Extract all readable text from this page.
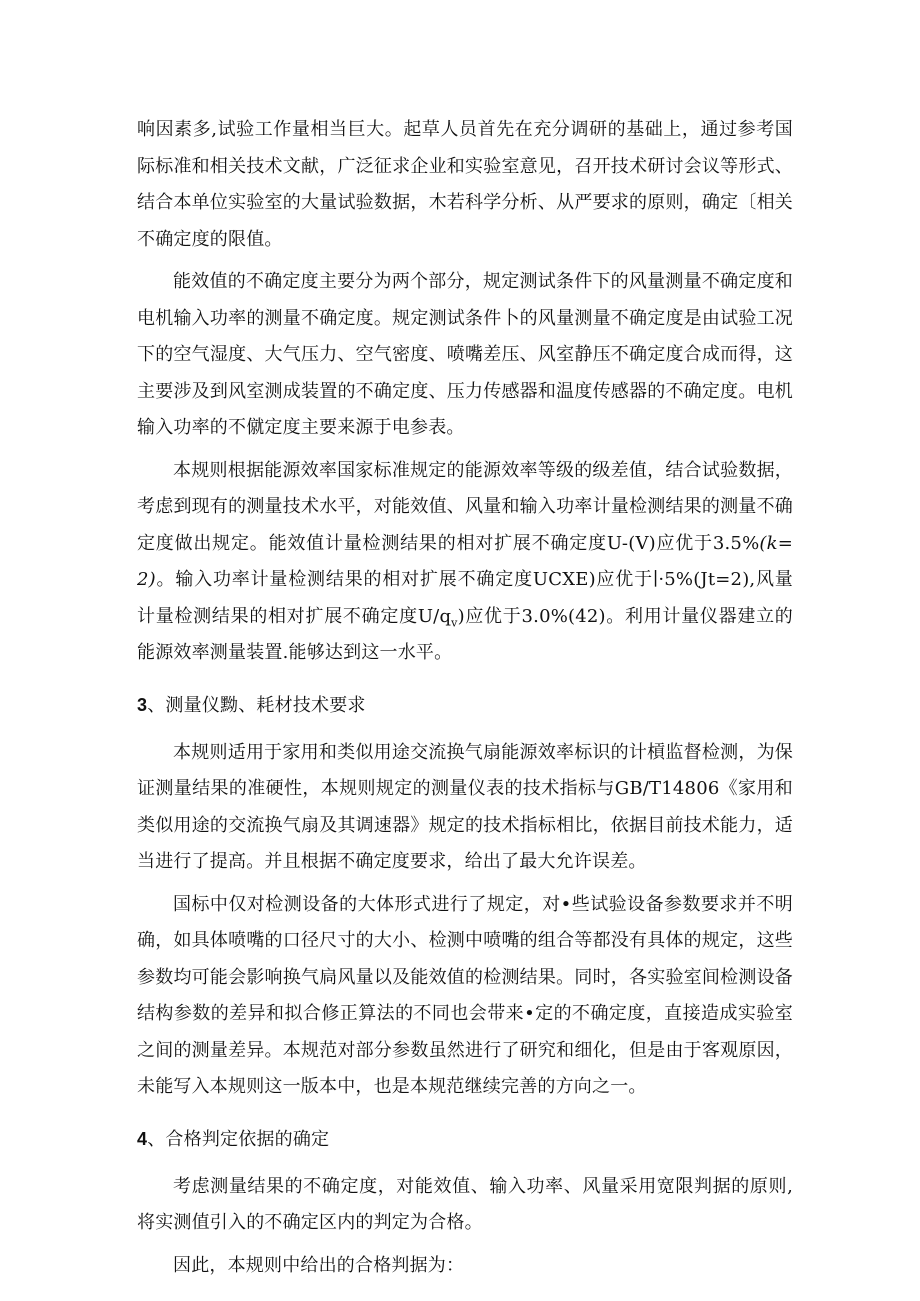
响因素多,试验工作量相当巨大。起草人员首先在充分调研的基础上，通过参考国际标准和相关技术文献，广泛征求企业和实验室意见，召开技术研讨会议等形式、结合本单位实验室的大量试验数据，木若科学分析、从严要求的原则，确定〔相关不确定度的限值。

能效值的不确定度主要分为两个部分，规定测试条件下的风量测量不确定度和电机输入功率的测量不确定度。规定测试条件卜的风量测量不确定度是由试验工况下的空气湿度、大气压力、空气密度、喷嘴差压、风室静压不确定度合成而得，这主要涉及到风室测成装置的不确定度、压力传感器和温度传感器的不确定度。电机输入功率的不僦定度主要来源于电参表。

本规则根据能源效率国家标准规定的能源效率等级的级差值，结合试验数据，考虑到现有的测量技术水平，对能效值、风量和输入功率计量检测结果的测量不确定度做出规定。能效值计量检测结果的相对扩展不确定度U-(V)应优于3.5%(k=2)。输入功率计量检测结果的相对扩展不确定度UCXE)应优于∣·5%(Jt=2),风量计量检测结果的相对扩展不确定度$U/q_v$)应优于3.0%(42)。利用计量仪器建立的能源效率测量装置.能够达到这一水平。

3、测量仪黝、耗材技术要求

本规则适用于家用和类似用途交流换气扇能源效率标识的计槓监督检测，为保证测量结果的准硬性，本规则规定的测量仪表的技术指标与GB/T14806《家用和类似用途的交流换气扇及其调速器》规定的技术指标相比，依据目前技术能力，适当进行了提高。并且根据不确定度要求，给出了最大允许误差。

国标中仅对检测设备的大体形式进行了规定，对•些试验设备参数要求并不明确，如具体喷嘴的口径尺寸的大小、检测中喷嘴的组合等都没有具体的规定，这些参数均可能会影响换气扃风量以及能效值的检测结果。同时，各实验室间检测设备结构参数的差异和拟合修正算法的不同也会带来•定的不确定度，直接造成实验室之间的测量差异。本规范对部分参数虽然进行了研究和细化，但是由于客观原因，未能写入本规则这一版本中，也是本规范继续完善的方向之一。

4、合格判定依据的确定

考虑测量结果的不确定度，对能效值、输入功率、风量采用宽限判据的原则,将实测值引入的不确定区内的判定为合格。

因此，本规则中给出的合格判据为：
